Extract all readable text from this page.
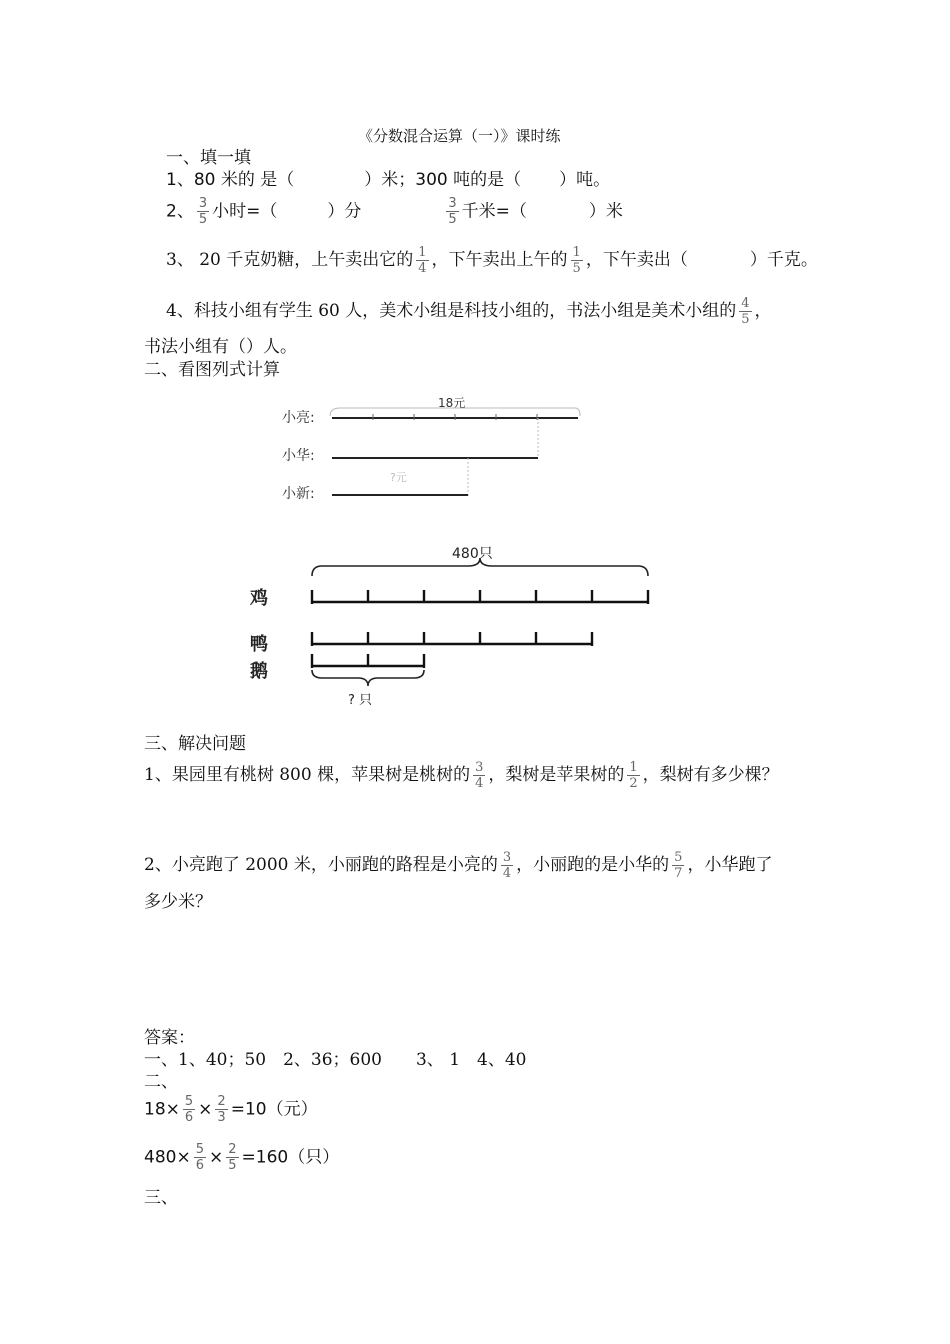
《分数混合运算（一）》课时练
一、填一填
1、80 米的 是（	）米；300 吨的是（ ）吨。
2、 $\frac{3}{5}$ 小时=（	）分	$\frac{3}{5}$ 千米=（	）米
3、 20 千克奶糖，上午卖出它的 $\frac{1}{4}$ ，下午卖出上午的 $\frac{1}{5}$ ，下午卖出（	）千克。
4、科技小组有学生 60 人，美术小组是科技小组的，书法小组是美术小组的 $\frac{4}{5}$ ，
书法小组有（）人。
二、看图列式计算
18元
小亮:
小华:
?元
小新:
480只
鸡
鸭
鹅
? 只
三、解决问题
1、果园里有桃树 800 棵，苹果树是桃树的 $\frac{3}{4}$ ，梨树是苹果树的 $\frac{1}{2}$ ，梨树有多少棵？
2、小亮跑了 2000 米，小丽跑的路程是小亮的 $\frac{3}{4}$ ，小丽跑的是小华的 $\frac{5}{7}$ ，小华跑了
多少米？
答案：
一、1、40；50　2、36；600　　3、 1　4、40
二、
$18\times \frac{5}{6} \times \frac{2}{3} =10$（元）
$480\times \frac{5}{6} \times \frac{2}{5} =160$（只）
三、
